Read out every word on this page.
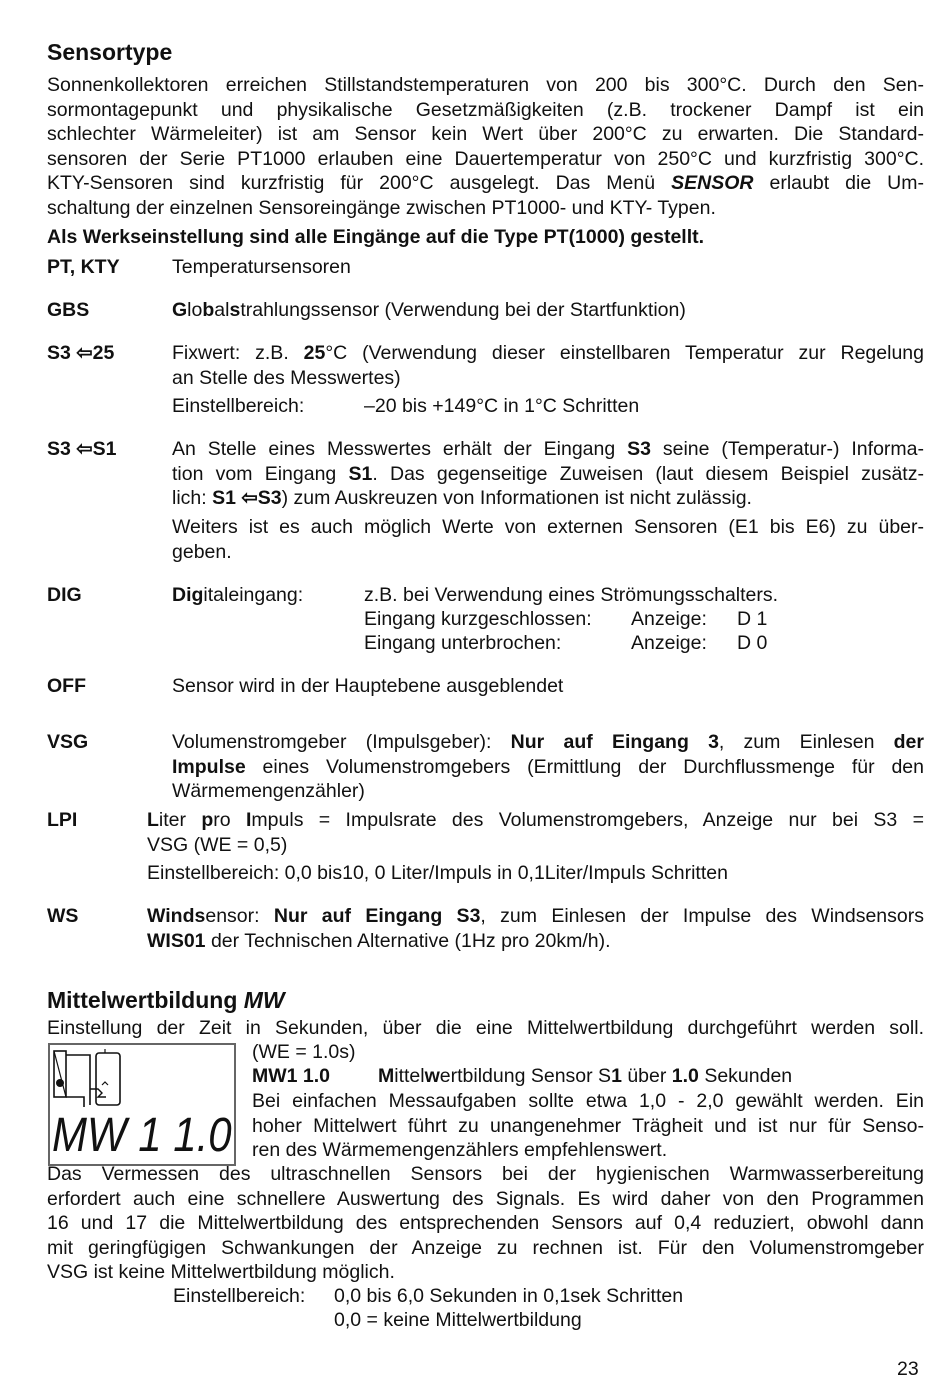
Sensortype
Sonnenkollektoren erreichen Stillstandstemperaturen von 200 bis 300°C. Durch den Sen-
sormontagepunkt und physikalische Gesetzmäßigkeiten (z.B. trockener Dampf ist ein
schlechter Wärmeleiter) ist am Sensor kein Wert über 200°C zu erwarten. Die Standard-
sensoren der Serie PT1000 erlauben eine Dauertemperatur von 250°C und kurzfristig 300°C.
KTY-Sensoren sind kurzfristig für 200°C ausgelegt. Das Menü SENSOR erlaubt die Um-
schaltung der einzelnen Sensoreingänge zwischen PT1000- und KTY- Typen.
Als Werkseinstellung sind alle Eingänge auf die Type PT(1000) gestellt.
PT, KTY	Temperatursensoren
GBS	Globalstrahlungssensor (Verwendung bei der Startfunktion)
S3 ⇦25	Fixwert: z.B. 25°C (Verwendung dieser einstellbaren Temperatur zur Regelung
an Stelle des Messwertes)
Einstellbereich:	–20 bis +149°C in 1°C Schritten
S3 ⇦S1	An Stelle eines Messwertes erhält der Eingang S3 seine (Temperatur-) Informa-
tion vom Eingang S1. Das gegenseitige Zuweisen (laut diesem Beispiel zusätz-
lich: S1 ⇦S3) zum Auskreuzen von Informationen ist nicht zulässig.
Weiters ist es auch möglich Werte von externen Sensoren (E1 bis E6) zu über-
geben.
DIG	Digitaleingang:	z.B. bei Verwendung eines Strömungsschalters.
Eingang kurzgeschlossen: Anzeige: D 1
Eingang unterbrochen:	Anzeige: D 0
OFF	Sensor wird in der Hauptebene ausgeblendet
VSG	Volumenstromgeber (Impulsgeber): Nur auf Eingang 3, zum Einlesen der
Impulse eines Volumenstromgebers (Ermittlung der Durchflussmenge für den
Wärmemengenzähler)
LPI	Liter pro Impuls = Impulsrate des Volumenstromgebers, Anzeige nur bei S3 =
VSG (WE = 0,5)
Einstellbereich: 0,0 bis10, 0 Liter/Impuls in 0,1Liter/Impuls Schritten
WS	Windsensor: Nur auf Eingang S3, zum Einlesen der Impulse des Windsensors
WIS01 der Technischen Alternative (1Hz pro 20km/h).
Mittelwertbildung MW
Einstellung der Zeit in Sekunden, über die eine Mittelwertbildung durchgeführt werden soll.
MW 1 1.0
(WE = 1.0s)
MW1 1.0 Mittelwertbildung Sensor S1 über 1.0 Sekunden
Bei einfachen Messaufgaben sollte etwa 1,0 - 2,0 gewählt werden. Ein
hoher Mittelwert führt zu unangenehmer Trägheit und ist nur für Senso-
ren des Wärmemengenzählers empfehlenswert.
Das Vermessen des ultraschnellen Sensors bei der hygienischen Warmwasserbereitung
erfordert auch eine schnellere Auswertung des Signals. Es wird daher von den Programmen
16 und 17 die Mittelwertbildung des entsprechenden Sensors auf 0,4 reduziert, obwohl dann
mit geringfügigen Schwankungen der Anzeige zu rechnen ist. Für den Volumenstromgeber
VSG ist keine Mittelwertbildung möglich.
Einstellbereich: 0,0 bis 6,0 Sekunden in 0,1sek Schritten
0,0 = keine Mittelwertbildung
23
